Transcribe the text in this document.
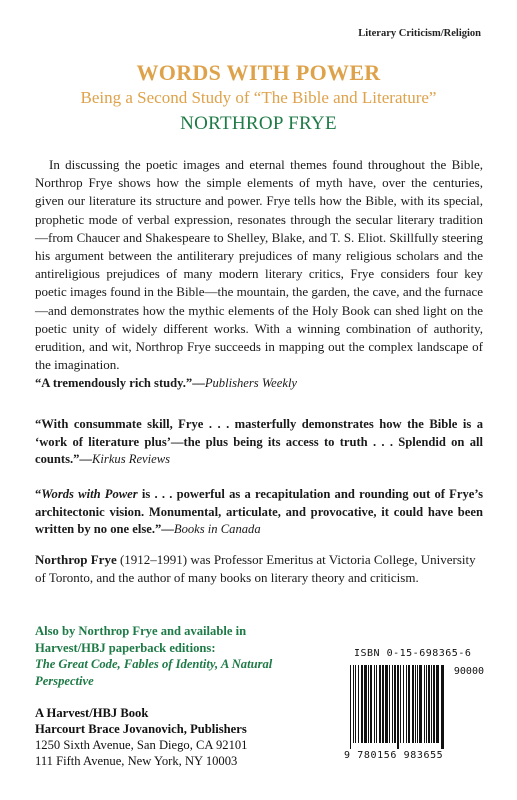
Literary Criticism/Religion
WORDS WITH POWER
Being a Second Study of “The Bible and Literature”
NORTHROP FRYE

In discussing the poetic images and eternal themes found throughout the Bible, Northrop Frye shows how the simple elements of myth have, over the centuries, given our literature its structure and power. Frye tells how the Bible, with its special, prophetic mode of verbal expression, resonates through the secular literary tradition—from Chaucer and Shakespeare to Shelley, Blake, and T. S. Eliot. Skillfully steering his argument between the antiliterary prejudices of many religious scholars and the antireligious prejudices of many modern literary critics, Frye considers four key poetic images found in the Bible—the mountain, the garden, the cave, and the furnace—and demonstrates how the mythic elements of the Holy Book can shed light on the poetic unity of widely different works. With a winning combination of authority, erudition, and wit, Northrop Frye succeeds in mapping out the complex landscape of the imagination.

“A tremendously rich study.”—Publishers Weekly

“With consummate skill, Frye . . . masterfully demonstrates how the Bible is a ‘work of literature plus’—the plus being its access to truth . . . Splendid on all counts.”—Kirkus Reviews

“Words with Power is . . . powerful as a recapitulation and rounding out of Frye’s architectonic vision. Monumental, articulate, and provocative, it could have been written by no one else.”—Books in Canada

Northrop Frye (1912–1991) was Professor Emeritus at Victoria College, University of Toronto, and the author of many books on literary theory and criticism.

Also by Northrop Frye and available in Harvest/HBJ paperback editions:
The Great Code, Fables of Identity, A Natural Perspective
A Harvest/HBJ Book
Harcourt Brace Jovanovich, Publishers
1250 Sixth Avenue, San Diego, CA 92101
111 Fifth Avenue, New York, NY 10003
ISBN 0-15-698365-6
90000
9 780156 983655
